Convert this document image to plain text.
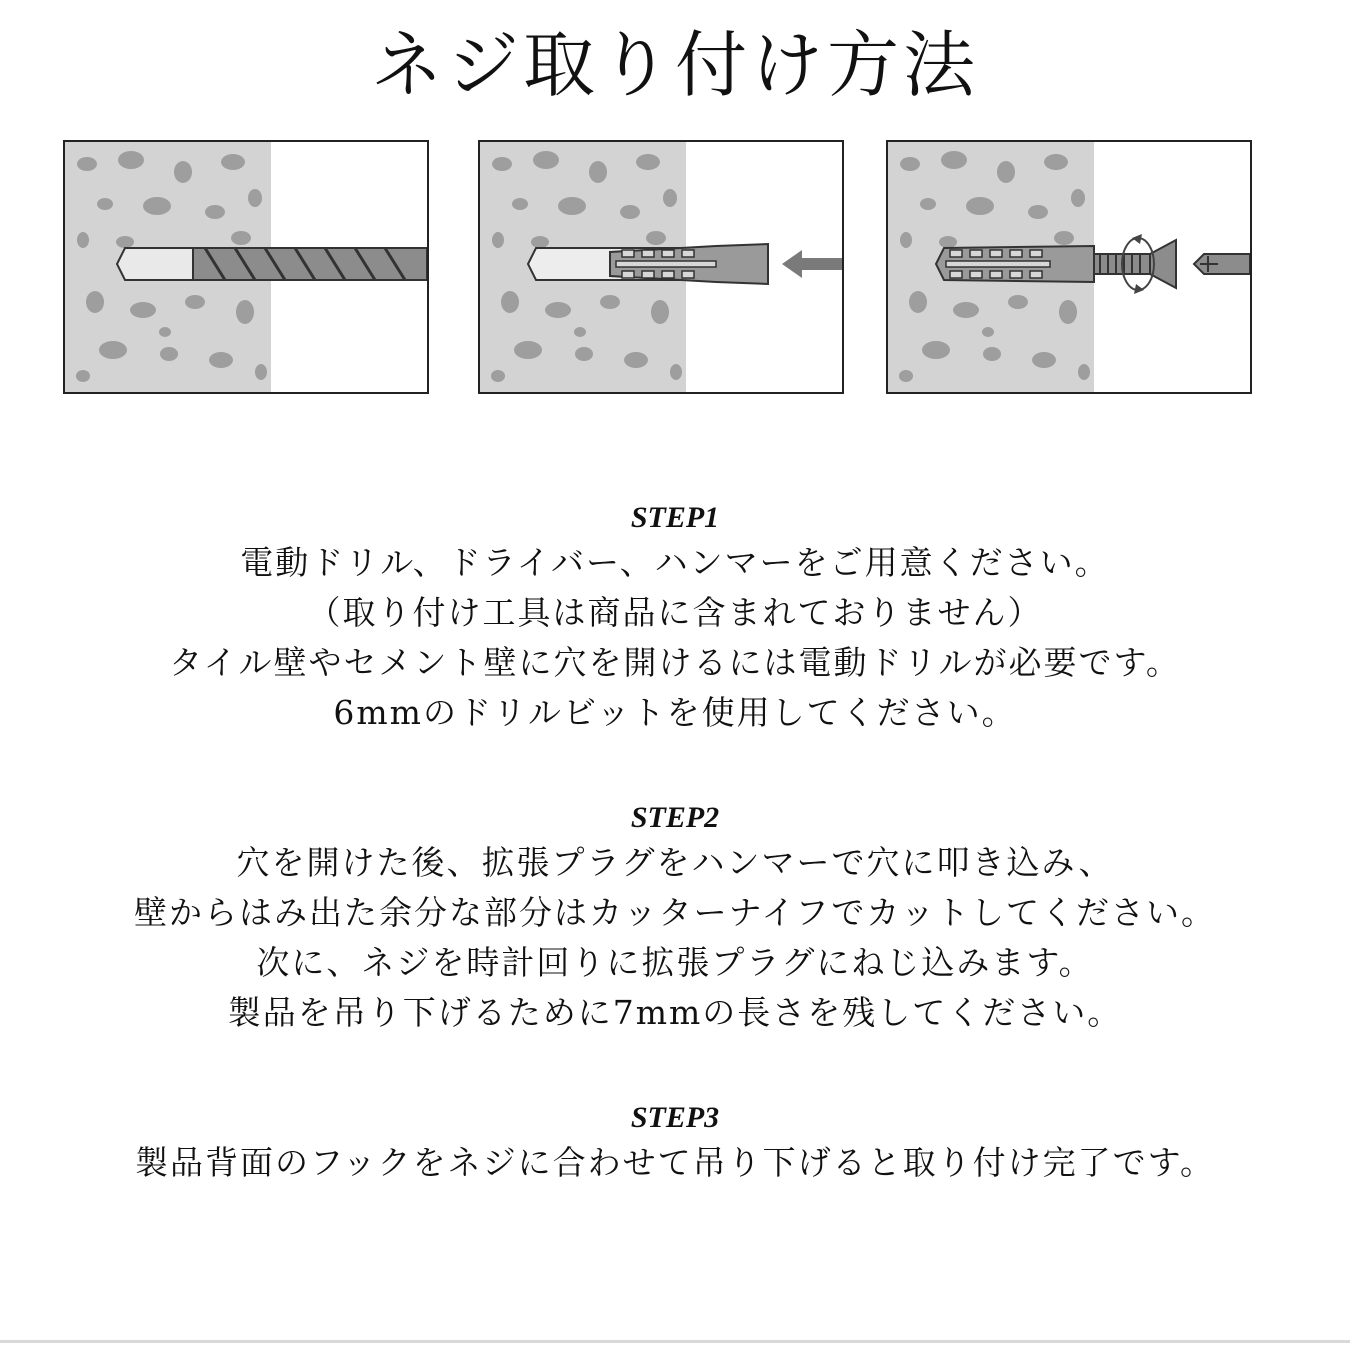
ネジ取り付け方法
STEP1
電動ドリル、ドライバー、ハンマーをご用意ください。
（取り付け工具は商品に含まれておりません）
タイル壁やセメント壁に穴を開けるには電動ドリルが必要です。
6mmのドリルビットを使用してください。
STEP2
穴を開けた後、拡張プラグをハンマーで穴に叩き込み、
壁からはみ出た余分な部分はカッターナイフでカットしてください。
次に、ネジを時計回りに拡張プラグにねじ込みます。
製品を吊り下げるために7mmの長さを残してください。
STEP3
製品背面のフックをネジに合わせて吊り下げると取り付け完了です。
